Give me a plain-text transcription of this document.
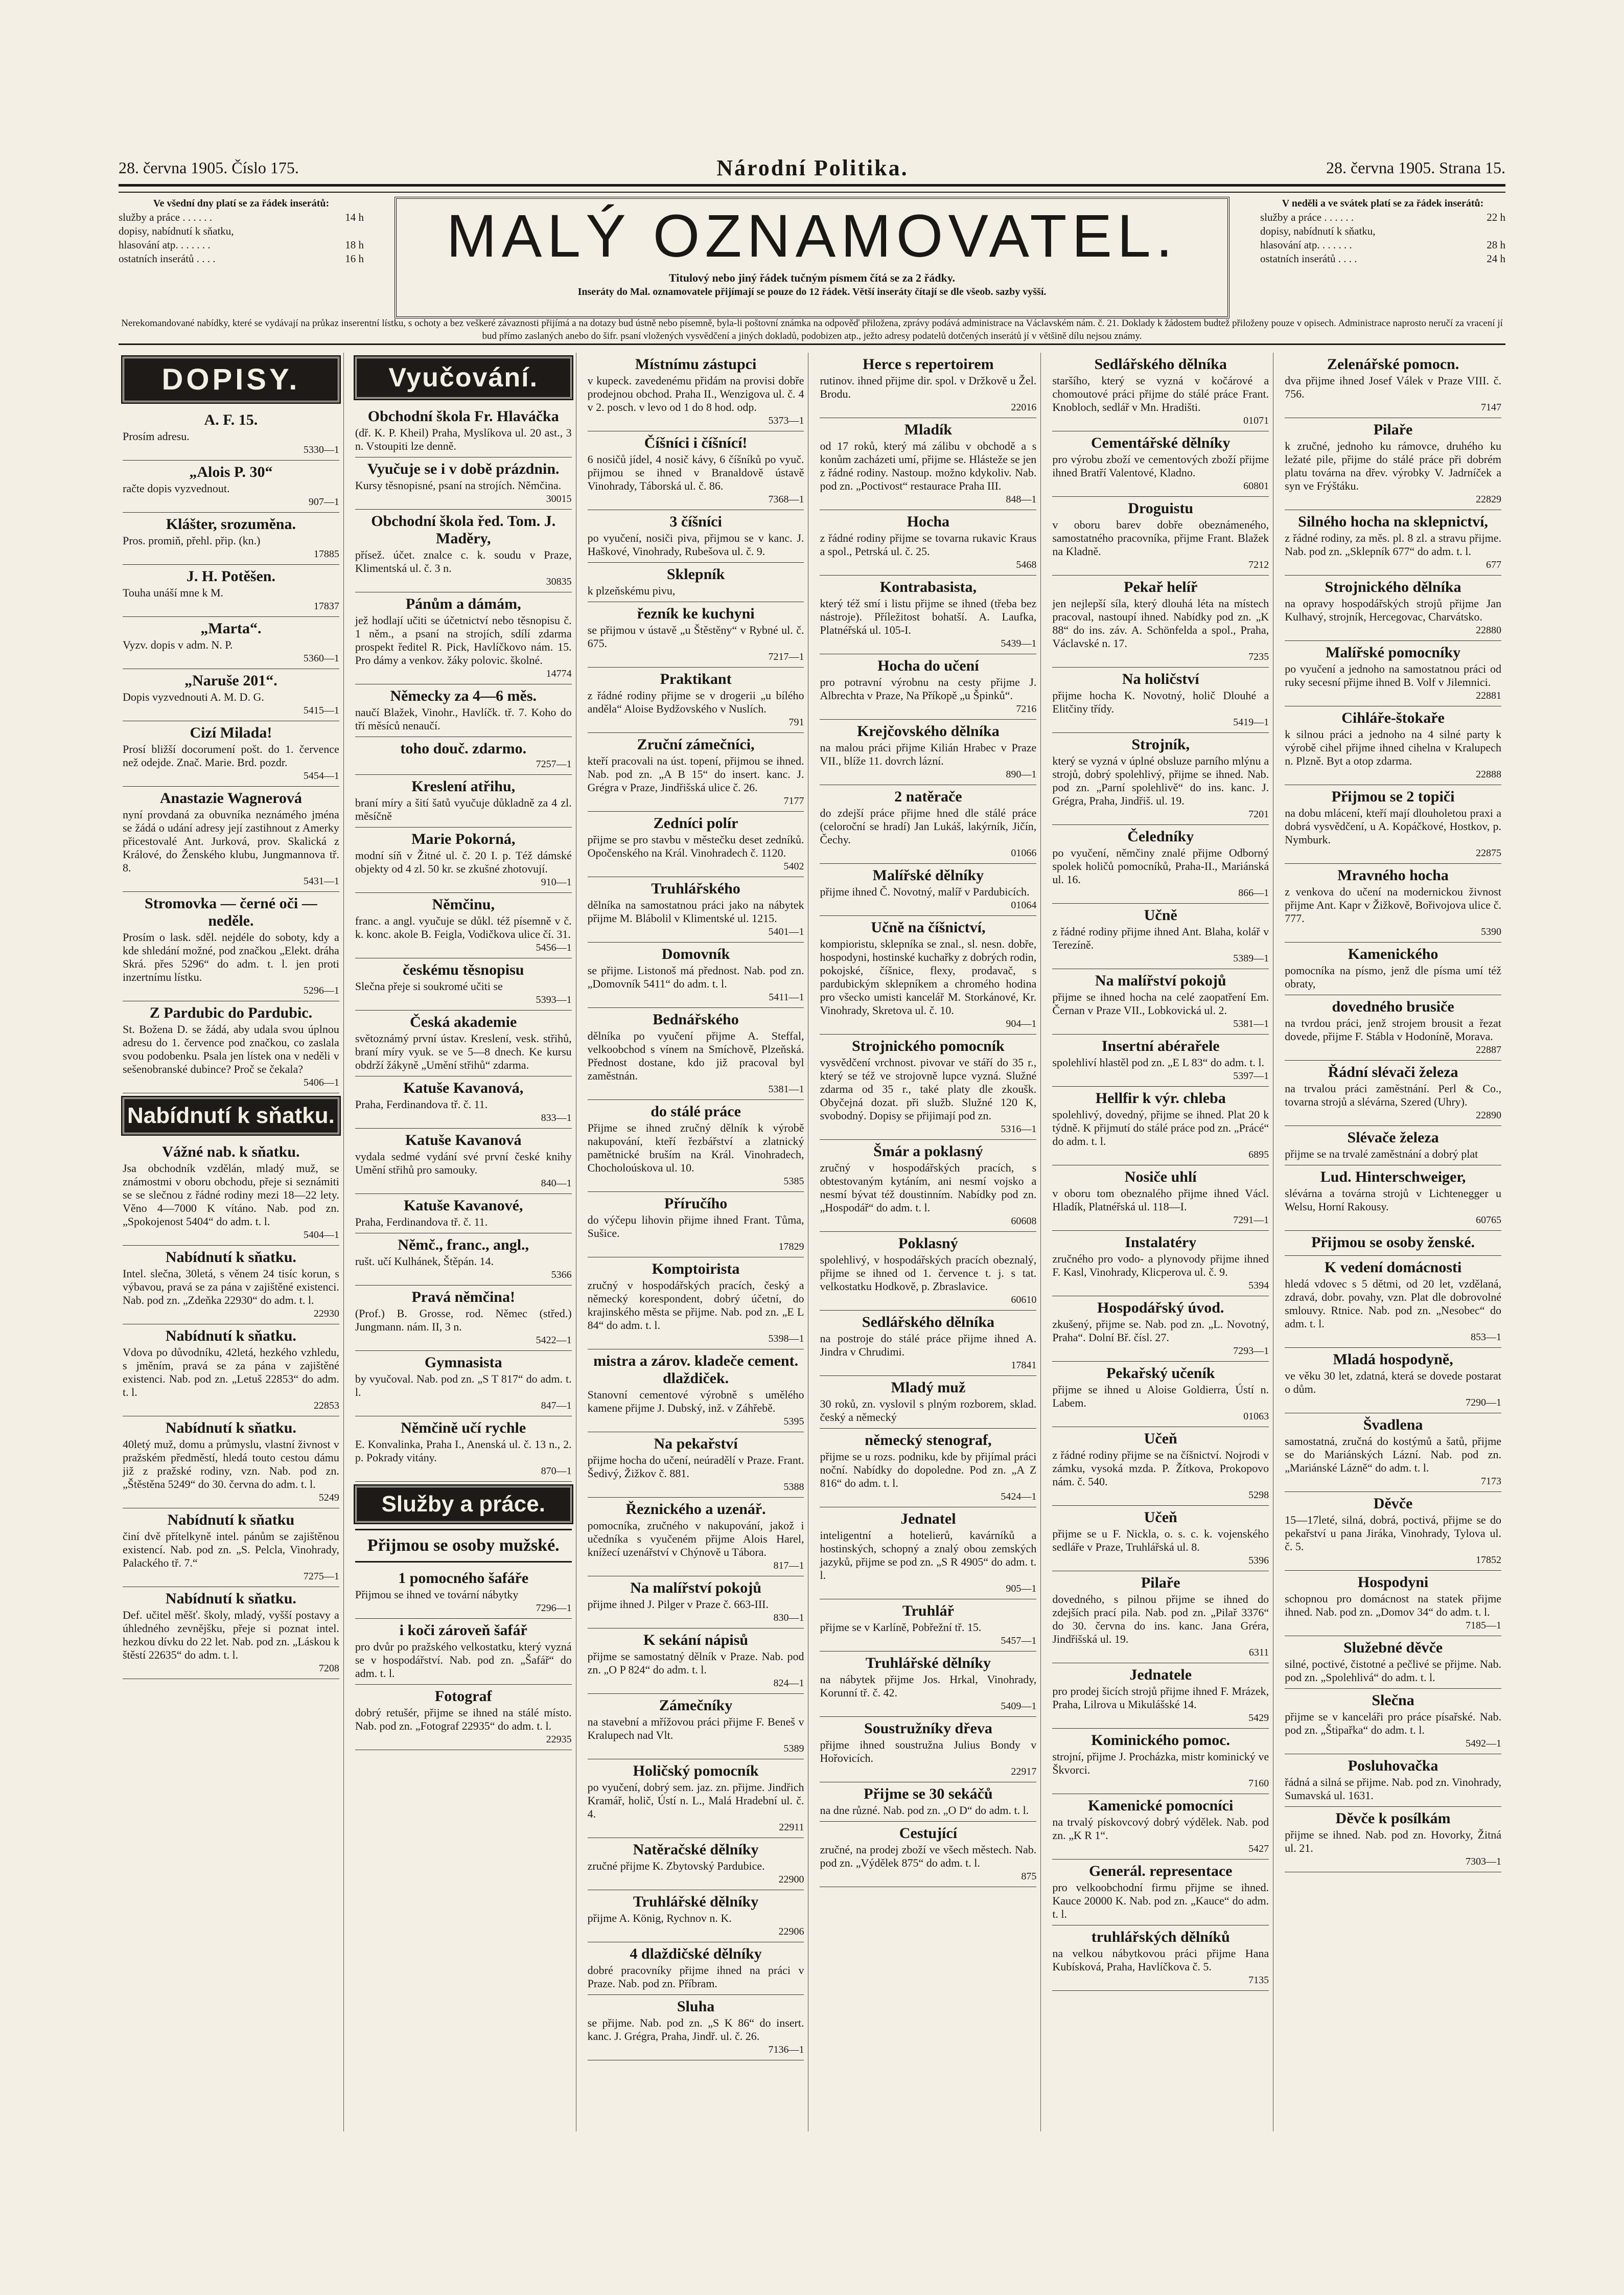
28. června 1905. Číslo 175.	Národní Politika.	28. června 1905. Strana 15.
Ve všední dny platí se za řádek inserátů:
služby a práce . . . . . .	14 h
dopisy, nabídnutí k sňatku,
hlasování atp. . . . . . .	18 h
ostatních inserátů . . . .	16 h	MALÝ OZNAMOVATEL.
Titulový nebo jiný řádek tučným písmem čítá se za 2 řádky.
Inseráty do Mal. oznamovatele přijímají se pouze do 12 řádek. Větší inseráty čítají se dle všeob. sazby vyšší.
V neděli a ve svátek platí se za řádek inserátů:
služby a práce . . . . . .	22 h
dopisy, nabídnutí k sňatku,
hlasování atp. . . . . . .	28 h
ostatních inserátů . . . .	24 h
Nerekomandované nabídky, které se vydávají na průkaz inserentní lístku, s ochoty a bez veškeré závaznosti přijímá a na dotazy bud ústně nebo písemně, byla-li poštovní známka na odpověď přiložena, zprávy podává administrace na Václavském nám. č. 21. Doklady k žádostem budtež přiloženy pouze v opisech. Administrace naprosto neručí za vracení jí bud přímo zaslaných anebo do šifr. psaní vložených vysvědčení a jiných dokladů, podobizen atp., ježto adresy podatelů dotčených inserátů jí v většině dílu nejsou známy.
DOPISY.
A. F. 15.

Prosím adresu.

5330—1
„Alois P. 30“

račte dopis vyzvednout.

907—1
Klášter, srozuměna.

Pros. promiň, přehl. přip. (kn.)

17885
J. H. Potěšen.

Touha unáší mne k M.

17837
„Marta“.

Vyzv. dopis v adm. N. P.

5360—1
„Naruše 201“.

Dopis vyzvednouti A. M. D. G.

5415—1
Cizí Milada!

Prosí bližší docorumení pošt. do 1. července než odejde. Znač. Marie. Brd. pozdr.

5454—1
Anastazie Wagnerová

nyní provdaná za obuvníka neznámého jména se žádá o udání adresy její zastihnout z Amerky přicestovalé Ant. Jurková, prov. Skalická z Králové, do Ženského klubu, Jungmannova tř. 8.

5431—1
Stromovka — černé oči — neděle.

Prosím o lask. sděl. nejdéle do soboty, kdy a kde shledání možné, pod značkou „Elekt. dráha Skrá. přes 5296“ do adm. t. l. jen proti inzertnímu lístku.

5296—1
Z Pardubic do Pardubic.

St. Božena D. se žádá, aby udala svou úplnou adresu do 1. července pod značkou, co zaslala svou podobenku. Psala jen lístek ona v neděli v sešenobranské dubince? Proč se čekala?

5406—1
Nabídnutí k sňatku.
Vážné nab. k sňatku.

Jsa obchodník vzdělán, mladý muž, se známostmi v oboru obchodu, přeje si seznámiti se se slečnou z řádné rodiny mezi 18—22 lety. Věno 4—7000 K vítáno. Nab. pod zn. „Spokojenost 5404“ do adm. t. l.

5404—1
Nabídnutí k sňatku.

Intel. slečna, 30letá, s věnem 24 tisíc korun, s výbavou, pravá se za pána v zajištěné existenci. Nab. pod zn. „Zdeňka 22930“ do adm. t. l.

22930
Nabídnutí k sňatku.

Vdova po důvodníku, 42letá, hezkého vzhledu, s jměním, pravá se za pána v zajištěné existenci. Nab. pod zn. „Letuš 22853“ do adm. t. l.

22853
Nabídnutí k sňatku.

40letý muž, domu a průmyslu, vlastní živnost v pražském předměstí, hledá touto cestou dámu již z pražské rodiny, vzn. Nab. pod zn. „Štěstěna 5249“ do 30. června do adm. t. l.

5249
Nabídnutí k sňatku

činí dvě přítelkyně intel. pánům se zajištěnou existencí. Nab. pod zn. „S. Pelcla, Vinohrady, Palackého tř. 7.“

7275—1
Nabídnutí k sňatku.

Def. učitel měšť. školy, mladý, vyšší postavy a úhledného zevnějšku, přeje si poznat intel. hezkou dívku do 22 let. Nab. pod zn. „Láskou k štěstí 22635“ do adm. t. l.

7208
Vyučování.
Obchodní škola Fr. Hlaváčka

(dř. K. P. Kheil) Praha, Myslíkova ul. 20 ast., 3 n. Vstoupiti lze denně.

Vyučuje se i v době prázdnin.

Kursy těsnopisné, psaní na strojích. Němčina.

30015
Obchodní škola řed. Tom. J. Maděry,

přísež. účet. znalce c. k. soudu v Praze, Klimentská ul. č. 3 n.

30835
Pánům a dámám,

jež hodlají učiti se účetnictví nebo těsnopisu č. 1 něm., a psaní na strojích, sdílí zdarma prospekt ředitel R. Pick, Havlíčkovo nám. 15. Pro dámy a venkov. žáky polovic. školné.

14774
Německy za 4—6 měs.

naučí Blažek, Vinohr., Havlíčk. tř. 7. Koho do tří měsíců nenaučí.

toho douč. zdarmo.
7257—1
Kreslení atřihu,

braní míry a šití šatů vyučuje důkladně za 4 zl. měsíčně

Marie Pokorná,

modní síň v Žitné ul. č. 20 I. p. Též dámské objekty od 4 zl. 50 kr. se zkušné zhotovují.

910—1
Němčinu,

franc. a angl. vyučuje se důkl. též písemně v č. k. konc. akole B. Feigla, Vodičkova ulice čí. 31.

5456—1
českému těsnopisu

Slečna přeje si soukromé učiti se

5393—1
Česká akademie

světoznámý první ústav. Kreslení, vesk. střihů, braní míry vyuk. se ve 5—8 dnech. Ke kursu obdrží žákyně „Umění střihů“ zdarma.

Katuše Kavanová,

Praha, Ferdinandova tř. č. 11.

833—1
Katuše Kavanová

vydala sedmé vydání své první české knihy Umění střihů pro samouky.

840—1
Katuše Kavanové,

Praha, Ferdinandova tř. č. 11.

Němč., franc., angl.,

rušt. učí Kulhánek, Štěpán. 14.

5366
Pravá němčina!

(Prof.) B. Grosse, rod. Němec (střed.) Jungmann. nám. II, 3 n.

5422—1
Gymnasista

by vyučoval. Nab. pod zn. „S T 817“ do adm. t. l.

847—1
Němčině učí rychle

E. Konvalinka, Praha I., Anenská ul. č. 13 n., 2. p. Pokrady vitány.

870—1
Služby a práce.
Přijmou se osoby mužské.
1 pomocného šafáře

Přijmou se ihned ve tovární nábytky

7296—1
i koči zároveň šafář

pro dvůr po pražského velkostatku, který vyzná se v hospodářství. Nab. pod zn. „Šafář“ do adm. t. l.

Fotograf

dobrý retušér, přijme se ihned na stálé místo. Nab. pod zn. „Fotograf 22935“ do adm. t. l.

22935
Místnímu zástupci

v kupeck. zavedenému přidám na provisi dobře prodejnou obchod. Praha II., Wenzigova ul. č. 4 v 2. posch. v levo od 1 do 8 hod. odp.

5373—1
Číšníci i číšnící!

6 nosičů jídel, 4 nosič kávy, 6 číšníků po vyuč. přijmou se ihned v Branaldově ústavě Vinohrady, Táborská ul. č. 86.

7368—1
3 číšníci

po vyučení, nosiči piva, přijmou se v kanc. J. Haškové, Vinohrady, Rubešova ul. č. 9.

Sklepník

k plzeňskému pivu,

řezník ke kuchyni

se přijmou v ústavě „u Štěstěny“ v Rybné ul. č. 675.

7217—1
Praktikant

z řádné rodiny přijme se v drogerii „u bílého anděla“ Aloise Bydžovského v Nuslích.

791
Zruční zámečníci,

kteří pracovali na úst. topení, přijmou se ihned. Nab. pod zn. „A B 15“ do insert. kanc. J. Grégra v Praze, Jindřišská ulice č. 26.

7177
Zedníci polír

přijme se pro stavbu v městečku deset zedníků. Opočenského na Král. Vinohradech č. 1120.

5402
Truhlářského

dělníka na samostatnou práci jako na nábytek přijme M. Blábolil v Klimentské ul. 1215.

5401—1
Domovník

se přijme. Listonoš má přednost. Nab. pod zn. „Domovník 5411“ do adm. t. l.

5411—1
Bednářského

dělníka po vyučení přijme A. Steffal, velkoobchod s vínem na Smíchově, Plzeňská. Přednost dostane, kdo již pracoval byl zaměstnán.

5381—1
do stálé práce

Přijme se ihned zručný dělník k výrobě nakupování, kteří řezbářství a zlatnický pamětnické bruším na Král. Vinohradech, Chocholoúskova ul. 10.

5385
Příručího

do výčepu lihovin přijme ihned Frant. Tůma, Sušice.

17829
Komptoiristа

zručný v hospodářských pracích, český a německý korespondent, dobrý účetní, do krajinského města se přijme. Nab. pod zn. „E L 84“ do adm. t. l.

5398—1
mistra a zárov. kladeče cement. dlaždiček.

Stanovní cementové výrobně s umělého kamene přijme J. Dubský, inž. v Záhřebě.

5395
Na pekařství

přijme hocha do učení, neúradělí v Praze. Frant. Šedivý, Žižkov č. 881.

5388
Řeznického a uzenář.

pomocníka, zručného v nakupování, jakož i učedníka s vyučeném přijme Alois Harel, knížecí uzenářství v Chýnově u Tábora.

817—1
Na malířství pokojů

přijme ihned J. Pilger v Praze č. 663-III.

830—1
K sekání nápisů

přijme se samostatný dělník v Praze. Nab. pod zn. „O P 824“ do adm. t. l.

824—1
Zámečníky

na stavební a mřížovou práci přijme F. Beneš v Kralupech nad Vlt.

5389
Holičský pomocník

po vyučení, dobrý sem. jaz. zn. přijme. Jindřich Kramář, holič, Ústí n. L., Malá Hradební ul. č. 4.

22911
Natěračské dělníky

zručné přijme K. Zbytovský Pardubice.

22900
Truhlářské dělníky

přijme A. König, Rychnov n. K.

22906
4 dlaždičské dělníky

dobré pracovníky přijme ihned na práci v Praze. Nab. pod zn. Příbram.

Sluha

se přijme. Nab. pod zn. „S K 86“ do insert. kanc. J. Grégra, Praha, Jindř. ul. č. 26.

7136—1
Herce s repertoirem

rutinov. ihned přijme dir. spol. v Držkově u Žel. Brodu.

22016
Mladík

od 17 roků, který má zálibu v obchodě a s konům zacházeti umí, přijme se. Hlásteže se jen z řádné rodiny. Nastoup. možno kdykoliv. Nab. pod zn. „Poctivost“ restaurace Praha III.

848—1
Hocha

z řádné rodiny přijme se tovarna rukavic Kraus a spol., Petrská ul. č. 25.

5468
Kontrabasista,

který též smí i listu přijme se ihned (třeba bez nástroje). Příležitost bohatší. A. Laufka, Platnéřská ul. 105-I.

5439—1
Hocha do učení

pro potravní výrobnu na cesty přijme J. Albrechta v Praze, Na Příkopě „u Špinků“.

7216
Krejčovského dělníka

na malou práci přijme Kilián Hrabec v Praze VII., blíže 11. dovrch lázní.

890—1
2 natěrače

do zdejší práce přijme hned dle stálé práce (celoroční se hradí) Jan Lukáš, lakýrník, Jičín, Čechy.

01066
Malířské dělníky

přijme ihned Č. Novotný, malíř v Pardubicích.

01064
Učně na číšnictví,

kompioristu, sklepníka se znal., sl. nesn. dobře, hospodyni, hostinské kuchařky z dobrých rodin, pokojské, číšnice, flexy, prodavač, s pardubickým sklepníkem a chromého hodina pro všecko umisti kancelář M. Storkánové, Kr. Vinohrady, Skretova ul. č. 10.

904—1
Strojnického pomocník

vysvědčení vrchnost. pivovar ve stáří do 35 r., který se též ve strojovně lupce vyzná. Služné zdarma od 35 r., také platy dle zkoušk. Obyčejná dozat. při služb. Služné 120 K, svobodný. Dopisy se přijimají pod zn.

5316—1
Šmár a poklasný

zručný v hospodářských pracích, s obtestovaným kytáním, ani nesmí vojsko a nesmí bývat též doustinním. Nabídky pod zn. „Hospodář“ do adm. t. l.

60608
Poklasný

spolehlivý, v hospodářských pracích obeznalý, přijme se ihned od 1. července t. j. s tat. velkostatku Hodkově, p. Zbraslavice.

60610
Sedlářského dělníka

na postroje do stálé práce přijme ihned A. Jindra v Chrudimi.

17841
Mladý muž

30 roků, zn. vyslovil s plným rozborem, sklad. český a německý

německý stenograf,

přijme se u rozs. podniku, kde by přijímal práci noční. Nabídky do dopoledne. Pod zn. „A Z 816“ do adm. t. l.

5424—1
Jednatel

inteligentní a hotelierů, kavárníků a hostinských, schopný a znalý obou zemských jazyků, přijme se pod zn. „S R 4905“ do adm. t. l.

905—1
Truhlář

přijme se v Karlíně, Pobřežní tř. 15.

5457—1
Truhlářské dělníky

na nábytek přijme Jos. Hrkal, Vinohrady, Korunní tř. č. 42.

5409—1
Soustružníky dřeva

přijme ihned soustružna Julius Bondy v Hořovicích.

22917
Přijme se 30 sekáčů

na dne různé. Nab. pod zn. „O D“ do adm. t. l.

Cestující

zručné, na prodej zboží ve všech městech. Nab. pod zn. „Výdělek 875“ do adm. t. l.

875
Sedlářského dělníka

staršího, který se vyzná v kočárové a chomoutové práci přijme do stálé práce Frant. Knobloch, sedlář v Mn. Hradišti.

01071
Cementářské dělníky

pro výrobu zboží ve cementových zboží přijme ihned Bratří Valentové, Kladno.

60801
Droguistu

v oboru barev dobře obeznámeného, samostatného pracovníka, přijme Frant. Blažek na Kladně.

7212
Pekař helíř

jen nejlepší síla, který dlouhá léta na místech pracoval, nastoupí ihned. Nabídky pod zn. „K 88“ do ins. záv. A. Schönfelda a spol., Praha, Václavské n. 17.

7235
Na holičství

přijme hocha K. Novotný, holič Dlouhé a Elitčiny třídy.

5419—1
Strojník,

který se vyzná v úplné obsluze parního mlýnu a strojů, dobrý spolehlivý, přijme se ihned. Nab. pod zn. „Parní spolehlivě“ do ins. kanc. J. Grégra, Praha, Jindřiš. ul. 19.

7201
Čeledníky

po vyučení, němčiny znalé přijme Odborný spolek holičů pomocníků, Praha-II., Mariánská ul. 16.

866—1
Učně

z řádné rodiny přijme ihned Ant. Blaha, kolář v Terezíně.

5389—1
Na malířství pokojů

přijme se ihned hocha na celé zaopatření Em. Černan v Praze VII., Lobkovická ul. 2.

5381—1
Insertní abérařele

spolehliví hlastěl pod zn. „E L 83“ do adm. t. l.

5397—1
Hellfir k výr. chleba

spolehlivý, dovedný, přijme se ihned. Plat 20 k týdně. K přijmutí do stálé práce pod zn. „Prácé“ do adm. t. l.

6895
Nosiče uhlí

v oboru tom obeznalého přijme ihned Václ. Hladík, Platnéřská ul. 118—I.

7291—1
Instalatéry

zručného pro vodo- a plynovody přijme ihned F. Kasl, Vinohrady, Klicperova ul. č. 9.

5394
Hospodářský úvod.

zkušený, přijme se. Nab. pod zn. „L. Novotný, Praha“. Dolní Bř. čísl. 27.

7293—1
Pekařský učeník

přijme se ihned u Aloise Goldierra, Ústí n. Labem.

01063
Učeň

z řádné rodiny přijme se na číšnictví. Nojrodi v zámku, vysoká mzda. P. Žítkova, Prokopovo nám. č. 540.

5298
Učeň

přijme se u F. Nickla, o. s. c. k. vojenského sedláře v Praze, Truhlářská ul. 8.

5396
Pilaře

dovedného, s pilnou přijme se ihned do zdejších prací pila. Nab. pod zn. „Pilař 3376“ do 30. června do ins. kanc. Jana Gréra, Jindřišská ul. 19.

6311
Jednatele

pro prodej šicích strojů přijme ihned F. Mrázek, Praha, Lilrova u Mikulášské 14.

5429
Kominického pomoc.

strojní, přijme J. Procházka, mistr kominický ve Škvorci.

7160
Kamenické pomocníci

na trvalý pískovcový dobrý výdělek. Nab. pod zn. „K R 1“.

5427
Generál. representace

pro velkoobchodní firmu přijme se ihned. Kauce 20000 K. Nab. pod zn. „Kauce“ do adm. t. l.

truhlářských dělníků

na velkou nábytkovou práci přijme Hana Kubísková, Praha, Havlíčkova č. 5.

7135
Zelenářské pomocn.

dva přijme ihned Josef Válek v Praze VIII. č. 756.

7147
Pilaře

k zručné, jednoho ku rámovce, druhého ku ležaté pile, přijme do stálé práce při dobrém platu továrna na dřev. výrobky V. Jadrníček a syn ve Frýštáku.

22829
Silného hocha na sklepnictví,

z řádné rodiny, za měs. pl. 8 zl. a stravu přijme. Nab. pod zn. „Sklepník 677“ do adm. t. l.

677
Strojnického dělníka

na opravy hospodářských strojů přijme Jan Kulhavý, strojník, Hercegovac, Charvátsko.

22880
Malířské pomocníky

po vyučení a jednoho na samostatnou práci od ruky secesní přijme ihned B. Volf v Jilemnici.

22881
Cihláře-štokaře

k silnou práci a jednoho na 4 silné party k výrobě cihel přijme ihned cihelna v Kralupech n. Plzně. Byt a otop zdarma.

22888
Přijmou se 2 topiči

na dobu mlácení, kteří mají dlouholetou praxi a dobrá vysvědčení, u A. Kopáčkové, Hostkov, p. Nymburk.

22875
Mravného hocha

z venkova do učení na modernickou živnost přijme Ant. Kapr v Žižkově, Bořivojova ulice č. 777.

5390
Kamenického

pomocníka na písmo, jenž dle písma umí též obraty,

dovedného brusiče

na tvrdou práci, jenž strojem brousit a řezat dovede, přijme F. Stábla v Hodoníně, Morava.

22887
Řádní slévači železa

na trvalou práci zaměstnání. Perl & Co., tovarna strojů a slévárna, Szered (Uhry).

22890
Slévače železa

přijme se na trvalé zaměstnání a dobrý plat

Lud. Hinterschweiger,

slévárna a továrna strojů v Lichtenegger u Welsu, Horní Rakousy.

60765
Přijmou se osoby ženské.
K vedení domácnosti

hledá vdovec s 5 dětmi, od 20 let, vzdělaná, zdravá, dobr. povahy, vzn. Plat dle dobrovolné smlouvy. Rtnice. Nab. pod zn. „Nesobec“ do adm. t. l.

853—1
Mladá hospodyně,

ve věku 30 let, zdatná, která se dovede postarat o dům.

7290—1
Švadlena

samostatná, zručná do kostýmů a šatů, přijme se do Mariánských Lázní. Nab. pod zn. „Mariánské Lázně“ do adm. t. l.

7173
Děvče

15—17leté, silná, dobrá, poctivá, přijme se do pekařství u pana Jiráka, Vinohrady, Tylova ul. č. 5.

17852
Hospodyni

schopnou pro domácnost na statek přijme ihned. Nab. pod zn. „Domov 34“ do adm. t. l.

7185—1
Služebné děvče

silné, poctivé, čistotné a pečlivé se přijme. Nab. pod zn. „Spolehlivá“ do adm. t. l.

Slečna

přijme se v kanceláři pro práce písařské. Nab. pod zn. „Štipařka“ do adm. t. l.

5492—1
Posluhovačka

řádná a silná se přijme. Nab. pod zn. Vinohrady, Sumavská ul. 1631.

Děvče k posílkám

přijme se ihned. Nab. pod zn. Hovorky, Žitná ul. 21.

7303—1
